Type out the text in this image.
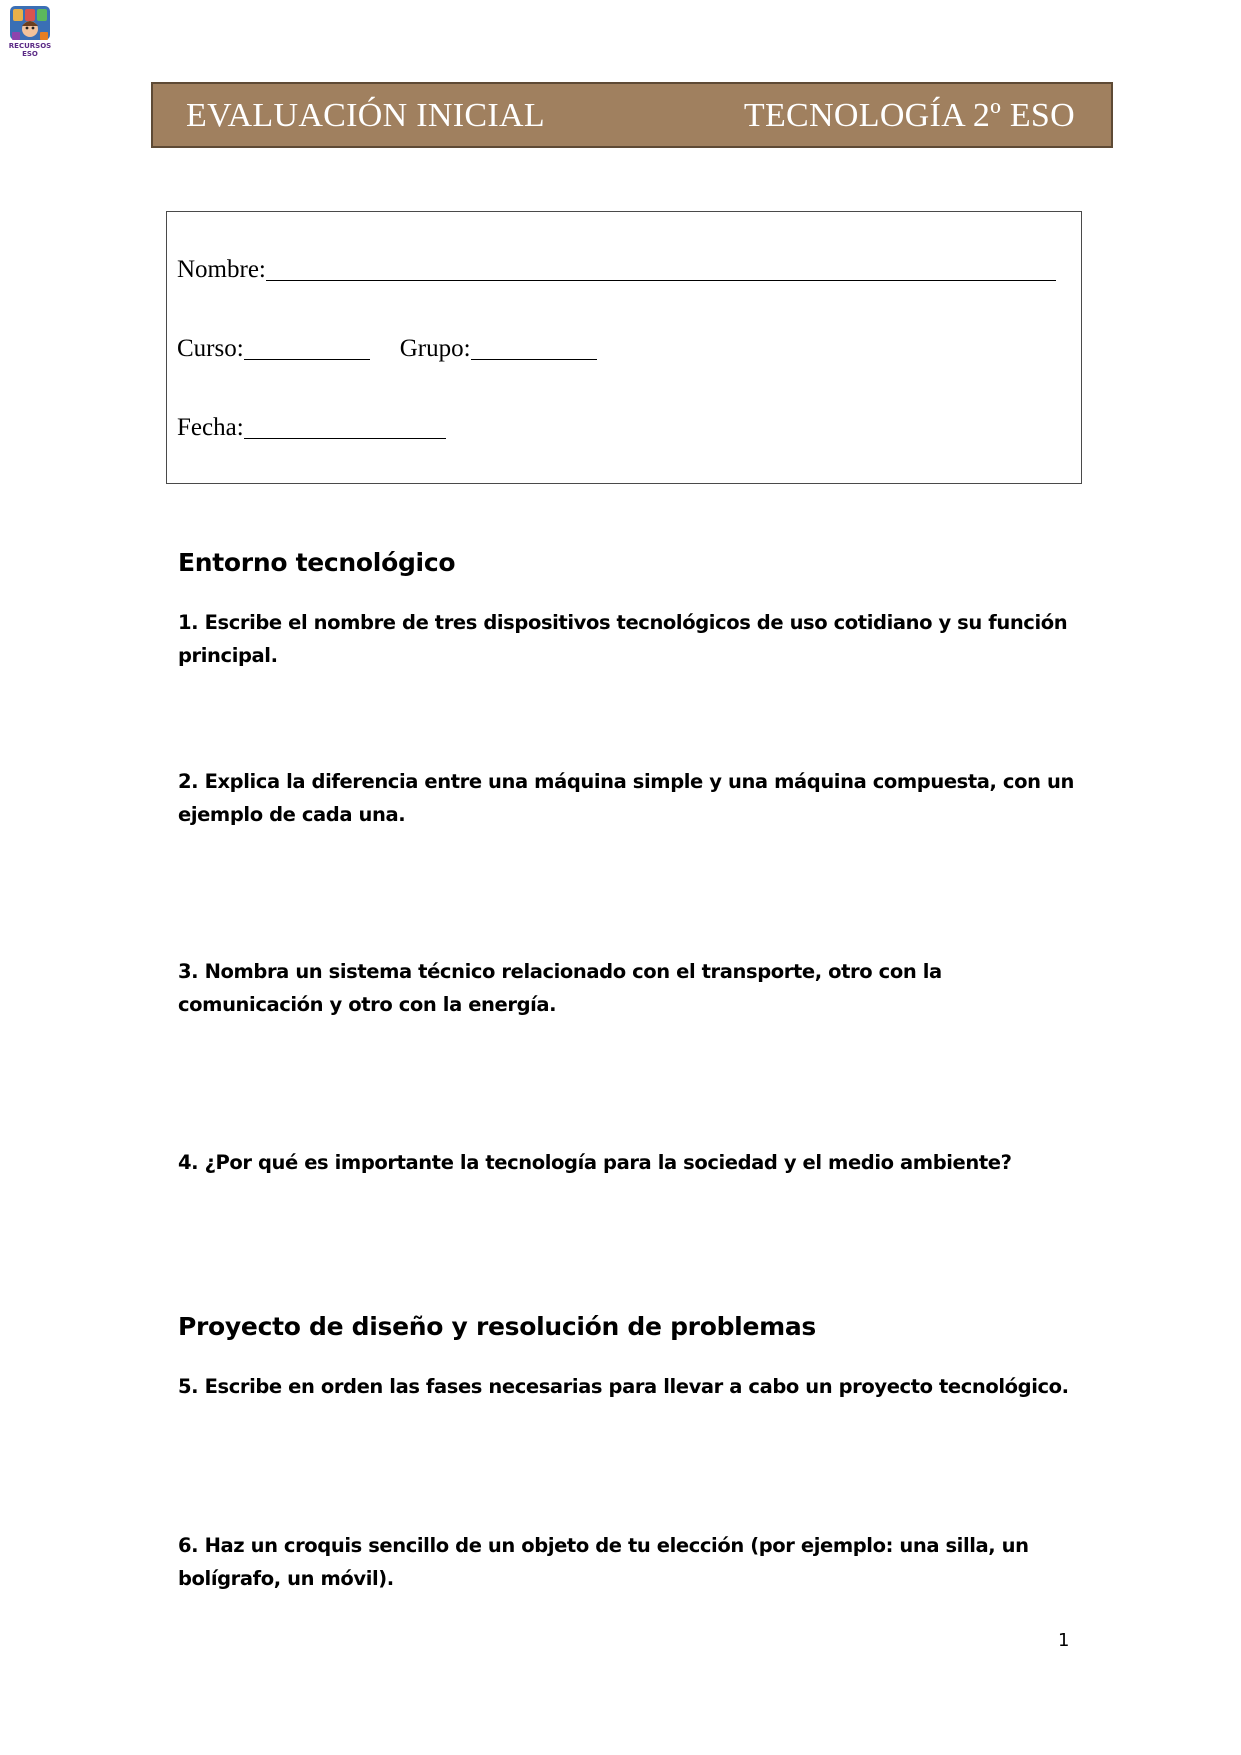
RECURSOS
ESO
EVALUACIÓN INICIAL	TECNOLOGÍA 2º ESO
Nombre:
Curso:	Grupo:
Fecha:
Entorno tecnológico
1. Escribe el nombre de tres dispositivos tecnológicos de uso cotidiano y su función principal.
2. Explica la diferencia entre una máquina simple y una máquina compuesta, con un ejemplo de cada una.
3. Nombra un sistema técnico relacionado con el transporte, otro con la comunicación y otro con la energía.
4. ¿Por qué es importante la tecnología para la sociedad y el medio ambiente?
Proyecto de diseño y resolución de problemas
5. Escribe en orden las fases necesarias para llevar a cabo un proyecto tecnológico.
6. Haz un croquis sencillo de un objeto de tu elección (por ejemplo: una silla, un bolígrafo, un móvil).
1
